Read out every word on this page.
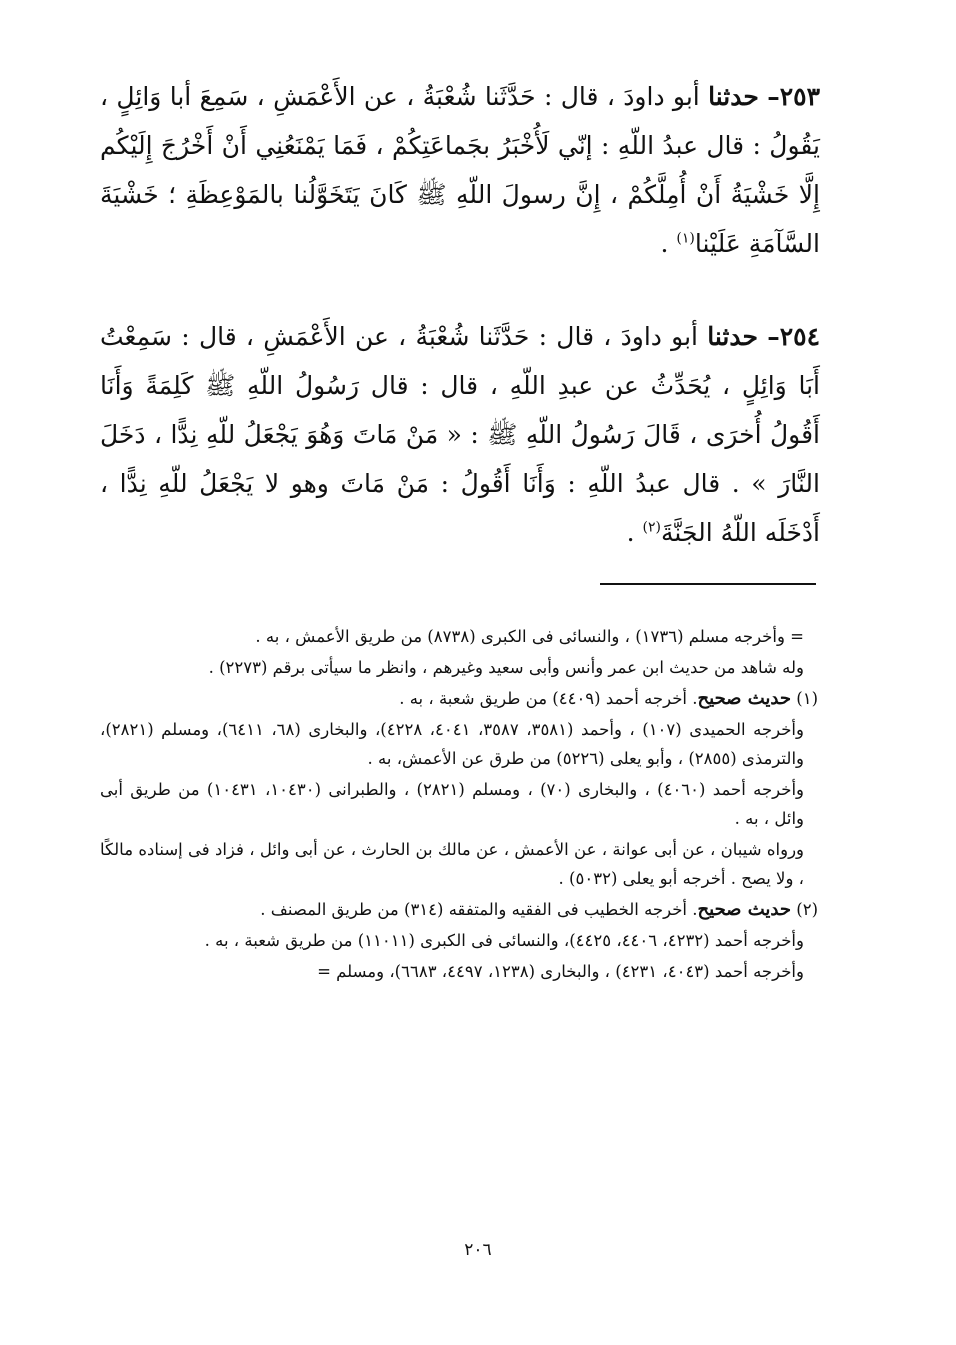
٢٥٣– حدثنا أبو داودَ ، قال : حَدَّثَنا شُعْبَةُ ، عن الأَعْمَشِ ، سَمِعَ أبا وَائِلٍ ، يَقُولُ : قال عبدُ اللّهِ : إنّي لَأُخْبَرُ بجَماعَتِكُمْ ، فَمَا يَمْنَعُنِي أَنْ أَخْرُجَ إِلَيْكُم إِلَّا خَشْيَةُ أَنْ أُمِلَّكُمْ ، إِنَّ رسولَ اللّهِ ﷺ كَانَ يَتَخَوَّلُنا بالمَوْعِظَةِ ؛ خَشْيَةَ السَّآمَةِ عَلَيْنا$^{(١)}$ .

٢٥٤– حدثنا أبو داودَ ، قال : حَدَّثَنا شُعْبَةُ ، عن الأَعْمَشِ ، قال : سَمِعْتُ أَبَا وَائِلٍ ، يُحَدِّثُ عن عبدِ اللّهِ ، قال : قال رَسُولُ اللّهِ ﷺ كَلِمَةً وَأَنَا أَقُولُ أُخرَى ، قَالَ رَسُولُ اللّهِ ﷺ : « مَنْ مَاتَ وَهُوَ يَجْعَلُ للّهِ نِدًّا ، دَخَلَ النَّارَ » . قال عبدُ اللّهِ : وَأَنَا أَقُولُ : مَنْ مَاتَ وهو لا يَجْعَلُ للّهِ نِدًّا ، أَدْخَلَه اللّهُ الجَنَّةَ$^{(٢)}$ .

= وأخرجه مسلم (١٧٣٦) ، والنسائى فى الكبرى (٨٧٣٨) من طريق الأعمش ، به .

وله شاهد من حديث ابن عمر وأنس وأبى سعيد وغيرهم ، وانظر ما سيأتى برقم (٢٢٧٣) .

(١) حديث صحيح. أخرجه أحمد (٤٤٠٩) من طريق شعبة ، به .

وأخرجه الحميدى (١٠٧) ، وأحمد (٣٥٨١، ٣٥٨٧، ٤٠٤١، ٤٢٢٨)، والبخارى (٦٨، ٦٤١١)، ومسلم (٢٨٢١)، والترمذى (٢٨٥٥) ، وأبو يعلى (٥٢٢٦) من طرق عن الأعمش، به .

وأخرجه أحمد (٤٠٦٠) ، والبخارى (٧٠) ، ومسلم (٢٨٢١) ، والطبرانى (١٠٤٣٠، ١٠٤٣١) من طريق أبى وائل ، به .

ورواه شيبان ، عن أبى عوانة ، عن الأعمش ، عن مالك بن الحارث ، عن أبى وائل ، فزاد فى إسناده مالكًا ، ولا يصح . أخرجه أبو يعلى (٥٠٣٢) .

(٢) حديث صحيح. أخرجه الخطيب فى الفقيه والمتفقه (٣١٤) من طريق المصنف .

وأخرجه أحمد (٤٢٣٢، ٤٤٠٦، ٤٤٢٥)، والنسائى فى الكبرى (١١٠١١) من طريق شعبة ، به .

وأخرجه أحمد (٤٠٤٣، ٤٢٣١) ، والبخارى (١٢٣٨، ٤٤٩٧، ٦٦٨٣)، ومسلم =

٢٠٦
